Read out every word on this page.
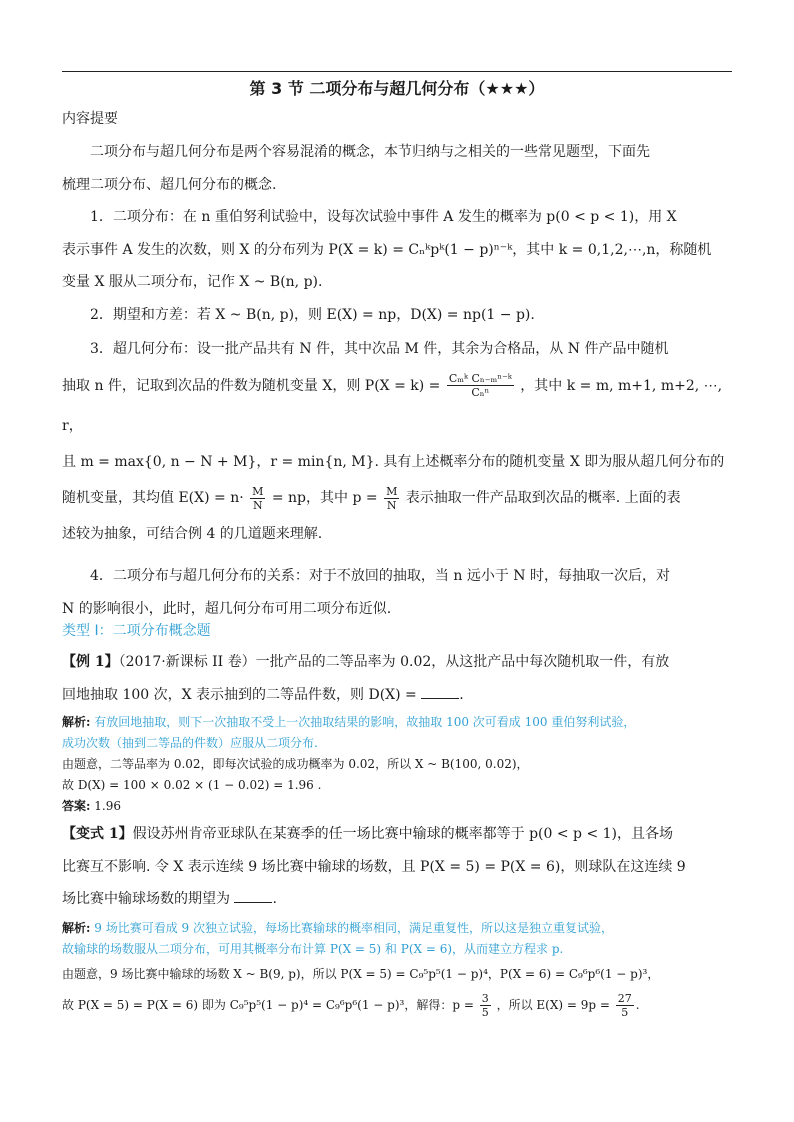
第 3 节 二项分布与超几何分布（★★★）
内容提要

二项分布与超几何分布是两个容易混淆的概念，本节归纳与之相关的一些常见题型，下面先

梳理二项分布、超几何分布的概念.

1．二项分布：在 n 重伯努利试验中，设每次试验中事件 A 发生的概率为 p(0 < p < 1)，用 X

表示事件 A 发生的次数，则 X 的分布列为 P(X = k) = Cₙᵏpᵏ(1 − p)ⁿ⁻ᵏ，其中 k = 0,1,2,⋯,n，称随机

变量 X 服从二项分布，记作 X ~ B(n, p).

2．期望和方差：若 X ~ B(n, p)，则 E(X) = np，D(X) = np(1 − p).

3．超几何分布：设一批产品共有 N 件，其中次品 M 件，其余为合格品，从 N 件产品中随机

抽取 n 件，记取到次品的件数为随机变量 X，则 $P(X = k) = \frac{\text{Cₘᵏ Cₙ₋ₘⁿ⁻ᵏ}}{\text{Cₙⁿ}}$ ，其中 k = m, m+1, m+2, ⋯, r，

且 m = max{0, n − N + M}，r = min{n, M}. 具有上述概率分布的随机变量 X 即为服从超几何分布的

随机变量，其均值 $E(X) = n\cdot \frac{M}{N}$ = np，其中 $p = \frac{M}{N}$ 表示抽取一件产品取到次品的概率. 上面的表

述较为抽象，可结合例 4 的几道题来理解.

4．二项分布与超几何分布的关系：对于不放回的抽取，当 n 远小于 N 时，每抽取一次后，对

N 的影响很小，此时，超几何分布可用二项分布近似.

类型 I：二项分布概念题

【例 1】（2017·新课标 II 卷）一批产品的二等品率为 0.02，从这批产品中每次随机取一件，有放

回地抽取 100 次，X 表示抽到的二等品件数，则 D(X) =	.

解析: 有放回地抽取，则下一次抽取不受上一次抽取结果的影响，故抽取 100 次可看成 100 重伯努利试验，

成功次数（抽到二等品的件数）应服从二项分布.

由题意，二等品率为 0.02，即每次试验的成功概率为 0.02，所以 X ~ B(100, 0.02)，

故 D(X) = 100 × 0.02 × (1 − 0.02) = 1.96 .

答案: 1.96

【变式 1】假设苏州肯帝亚球队在某赛季的任一场比赛中输球的概率都等于 p(0 < p < 1)，且各场

比赛互不影响. 令 X 表示连续 9 场比赛中输球的场数，且 P(X = 5) = P(X = 6)，则球队在这连续 9

场比赛中输球场数的期望为	.

解析: 9 场比赛可看成 9 次独立试验，每场比赛输球的概率相同，满足重复性，所以这是独立重复试验，

故输球的场数服从二项分布，可用其概率分布计算 P(X = 5) 和 P(X = 6)，从而建立方程求 p.

由题意，9 场比赛中输球的场数 X ~ B(9, p)，所以 P(X = 5) = C₉⁵p⁵(1 − p)⁴，P(X = 6) = C₉⁶p⁶(1 − p)³，

故 P(X = 5) = P(X = 6) 即为 C₉⁵p⁵(1 − p)⁴ = C₉⁶p⁶(1 − p)³，解得：$p = \frac{3}{5}$ ，所以 $E(X) = 9p = \frac{27}{5}$ .
